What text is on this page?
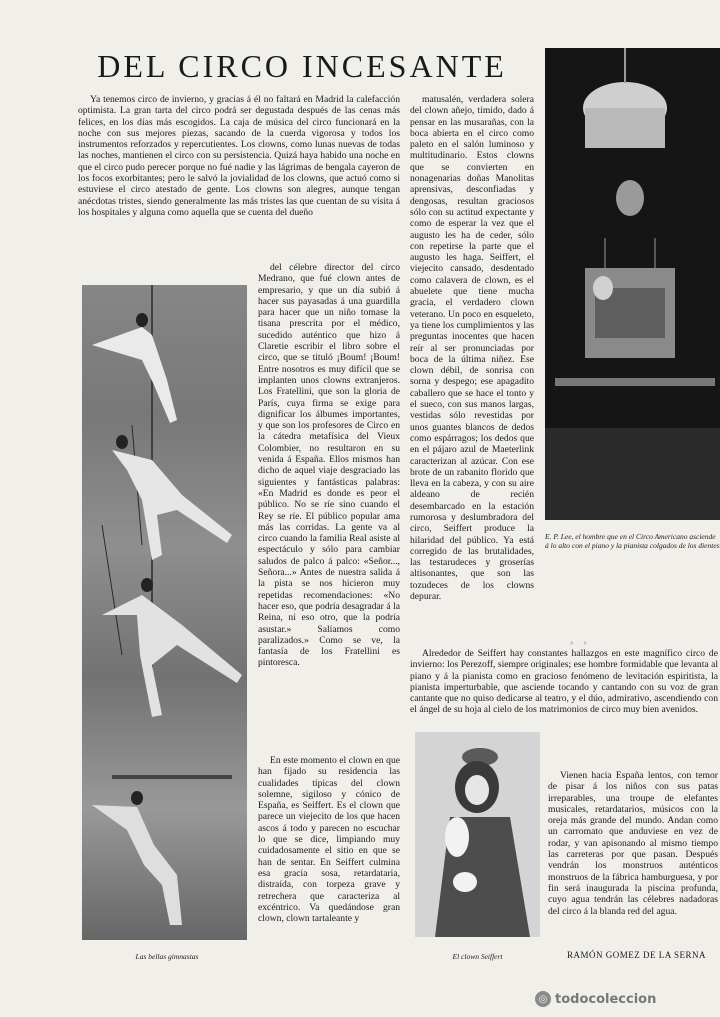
DEL CIRCO INCESANTE

Ya tenemos circo de invierno, y gracias á él no faltará en Madrid la calefacción optimista. La gran tarta del circo podrá ser degustada después de las cenas más felices, en los días más escogidos. La caja de música del circo funcionará en la noche con sus mejores piezas, sacando de la cuerda vigorosa y todos los instrumentos reforzados y repercutientes. Los clowns, como lunas nuevas de todas las noches, mantienen el circo con su persistencia. Quizá haya habido una noche en que el circo pudo perecer porque no fué nadie y las lágrimas de bengala cayeron de los focos exorbitantes; pero le salvó la jovialidad de los clowns, que actuó como si estuviese el circo atestado de gente. Los clowns son alegres, aunque tengan anécdotas tristes, siendo generalmente las más tristes las que cuentan de su visita á los hospitales y alguna como aquella que se cuenta del dueño

Las bellas gimnastas

del célebre director del circo Medrano, que fué clown antes de empresario, y que un día subió á hacer sus payasadas á una guardilla para hacer que un niño tomase la tisana prescrita por el médico, sucedido auténtico que hizo á Claretie escribir el libro sobre el circo, que se tituló ¡Boum! ¡Boum! Entre nosotros es muy difícil que se implanten unos clowns extranjeros. Los Fratellini, que son la gloria de París, cuya firma se exige para dignificar los álbumes importantes, y que son los profesores de Circo en la cátedra metafísica del Vieux Colombier, no resultaron en su venida á España. Ellos mismos han dicho de aquel viaje desgraciado las siguientes y fantásticas palabras: «En Madrid es donde es peor el público. No se ríe sino cuando el Rey se ríe. El público popular ama más las corridas. La gente va al circo cuando la familia Real asiste al espectáculo y sólo para cambiar saludos de palco á palco: «Señor..., Señora...» Antes de nuestra salida á la pista se nos hicieron muy repetidas recomendaciones: «No hacer eso, que podría desagradar á la Reina, ni eso otro, que la podría asustar.» Salíamos como paralizados.» Como se ve, la fantasía de los Fratellini es pintoresca.

En este momento el clown en que han fijado su residencia las cualidades típicas del clown solemne, sigiloso y cónico de España, es Seiffert. Es el clown que parece un viejecito de los que hacen ascos á todo y parecen no escuchar lo que se dice, limpiando muy cuidadosamente el sitio en que se han de sentar. En Seiffert culmina esa gracia sosa, retardataria, distraída, con torpeza grave y retrechera que caracteriza al excéntrico. Va quedándose gran clown, clown tartaleante y

matusalén, verdadera solera del clown añejo, tímido, dado á pensar en las musarañas, con la boca abierta en el circo como paleto en el salón luminoso y multitudinario. Estos clowns que se convierten en nonagenarias doñas Manolitas aprensivas, desconfiadas y dengosas, resultan graciosos sólo con su actitud expectante y como de esperar la vez que el augusto les ha de ceder, sólo con repetirse la parte que el augusto les haga. Seiffert, el viejecito cansado, desdentado como calavera de clown, es el abuelete que tiene mucha gracia, el verdadero clown veterano. Un poco en esqueleto, ya tiene los cumplimientos y las preguntas inocentes que hacen reír al ser pronunciadas por boca de la última niñez. Ese clown débil, de sonrisa con sorna y despego; ese apagadito caballero que se hace el tonto y el sueco, con sus manos largas, vestidas sólo revestidas por unos guantes blancos de dedos como espárragos; los dedos que en el pájaro azul de Maeterlink caracterizan al azúcar. Con ese brote de un rabanito florido que lleva en la cabeza, y con su aire aldeano de recién desembarcado en la estación rumorosa y deslumbradora del circo, Seiffert produce la hilaridad del público. Ya está corregido de las brutalidades, las testarudeces y groserías altisonantes, que son las tozudeces de los clowns depurar.

◦ ◦

Alrededor de Seiffert hay constantes hallazgos en este magnífico circo de invierno: los Perezoff, siempre originales; ese hombre formidable que levanta al piano y á la pianista como en gracioso fenómeno de levitación espiritista, la pianista imperturbable, que asciende tocando y cantando con su voz de gran cantante que no quiso dedicarse al teatro, y el dúo, admirativo, ascendiendo con el ángel de su hoja al cielo de los matrimonios de circo muy bien avenidos.

E. P. Lee, el hombre que en el Circo Americano asciende á lo alto con el piano y la pianista colgados de los dientes
El clown Seiffert

Vienen hacia España lentos, con temor de pisar á los niños con sus patas irreparables, una troupe de elefantes musicales, retardatarios, músicos con la oreja más grande del mundo. Andan como un carromato que anduviese en vez de rodar, y van apisonando al mismo tiempo las carreteras por que pasan. Después vendrán los monstruos auténticos monstruos de la fábrica hamburguesa, y por fin será inaugurada la piscina profunda, cuyo agua tendrán las célebres nadadoras del circo á la blanda red del agua.

RAMÓN GOMEZ DE LA SERNA
◎ todocoleccion
